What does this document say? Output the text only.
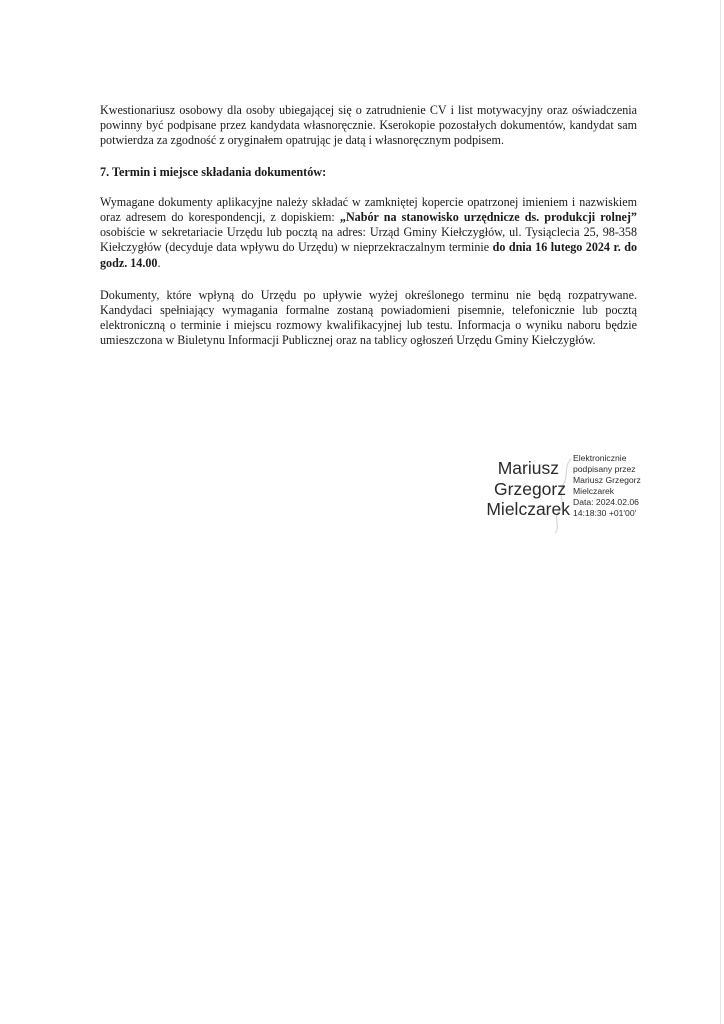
Kwestionariusz osobowy dla osoby ubiegającej się o zatrudnienie CV i list motywacyjny oraz oświadczenia powinny być podpisane przez kandydata własnoręcznie. Kserokopie pozostałych dokumentów, kandydat sam potwierdza za zgodność z oryginałem opatrując je datą i własnoręcznym podpisem.

7. Termin i miejsce składania dokumentów:

Wymagane dokumenty aplikacyjne należy składać w zamkniętej kopercie opatrzonej imieniem i nazwiskiem oraz adresem do korespondencji, z dopiskiem: „Nabór na stanowisko urzędnicze ds. produkcji rolnej” osobiście w sekretariacie Urzędu lub pocztą na adres: Urząd Gminy Kiełczygłów, ul. Tysiąclecia 25, 98-358 Kiełczygłów (decyduje data wpływu do Urzędu) w nieprzekraczalnym terminie do dnia 16 lutego 2024 r. do godz. 14.00.

Dokumenty, które wpłyną do Urzędu po upływie wyżej określonego terminu nie będą rozpatrywane. Kandydaci spełniający wymagania formalne zostaną powiadomieni pisemnie, telefonicznie lub pocztą elektroniczną o terminie i miejscu rozmowy kwalifikacyjnej lub testu. Informacja o wyniku naboru będzie umieszczona w Biuletynu Informacji Publicznej oraz na tablicy ogłoszeń Urzędu Gminy Kiełczygłów.

Mariusz
Grzegorz
Mielczarek
Elektronicznie
podpisany przez
Mariusz Grzegorz
Mielczarek
Data: 2024.02.06
14:18:30 +01'00'
